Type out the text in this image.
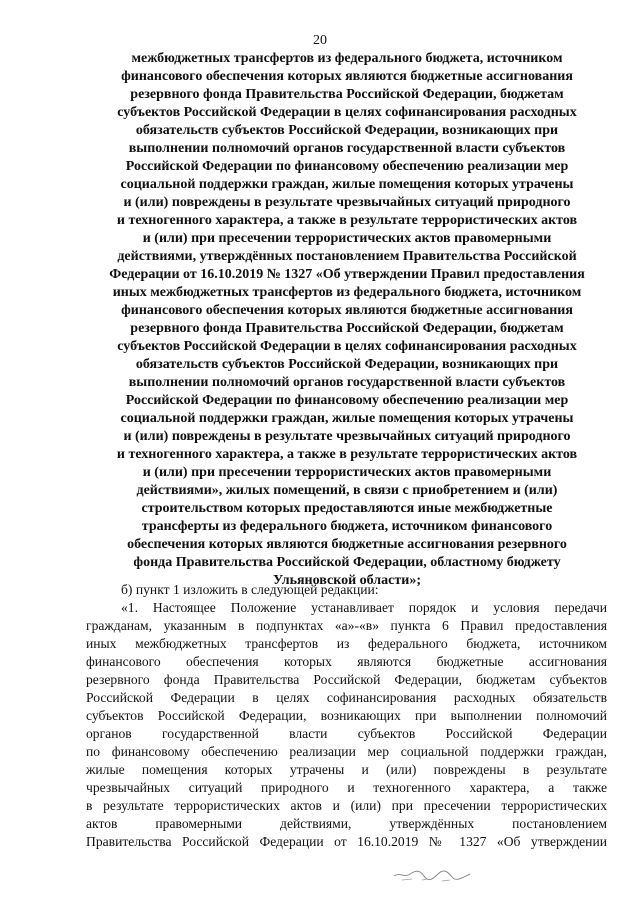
20
межбюджетных трансфертов из федерального бюджета, источником
финансового обеспечения которых являются бюджетные ассигнования
резервного фонда Правительства Российской Федерации, бюджетам
субъектов Российской Федерации в целях софинансирования расходных
обязательств субъектов Российской Федерации, возникающих при
выполнении полномочий органов государственной власти субъектов
Российской Федерации по финансовому обеспечению реализации мер
социальной поддержки граждан, жилые помещения которых утрачены
и (или) повреждены в результате чрезвычайных ситуаций природного
и техногенного характера, а также в результате террористических актов
и (или) при пресечении террористических актов правомерными
действиями, утверждённых постановлением Правительства Российской
Федерации от 16.10.2019 № 1327 «Об утверждении Правил предоставления
иных межбюджетных трансфертов из федерального бюджета, источником
финансового обеспечения которых являются бюджетные ассигнования
резервного фонда Правительства Российской Федерации, бюджетам
субъектов Российской Федерации в целях софинансирования расходных
обязательств субъектов Российской Федерации, возникающих при
выполнении полномочий органов государственной власти субъектов
Российской Федерации по финансовому обеспечению реализации мер
социальной поддержки граждан, жилые помещения которых утрачены
и (или) повреждены в результате чрезвычайных ситуаций природного
и техногенного характера, а также в результате террористических актов
и (или) при пресечении террористических актов правомерными
действиями», жилых помещений, в связи с приобретением и (или)
строительством которых предоставляются иные межбюджетные
трансферты из федерального бюджета, источником финансового
обеспечения которых являются бюджетные ассигнования резервного
фонда Правительства Российской Федерации, областному бюджету
Ульяновской области»;
б) пункт 1 изложить в следующей редакции:
«1. Настоящее Положение устанавливает порядок и условия передачи
гражданам, указанным в подпунктах «а»-«в» пункта 6 Правил предоставления
иных межбюджетных трансфертов из федерального бюджета, источником
финансового обеспечения которых являются бюджетные ассигнования
резервного фонда Правительства Российской Федерации, бюджетам субъектов
Российской Федерации в целях софинансирования расходных обязательств
субъектов Российской Федерации, возникающих при выполнении полномочий
органов государственной власти субъектов Российской Федерации
по финансовому обеспечению реализации мер социальной поддержки граждан,
жилые помещения которых утрачены и (или) повреждены в результате
чрезвычайных ситуаций природного и техногенного характера, а также
в результате террористических актов и (или) при пресечении террористических
актов правомерными действиями, утверждённых постановлением
Правительства Российской Федерации от 16.10.2019 № 1327 «Об утверждении
